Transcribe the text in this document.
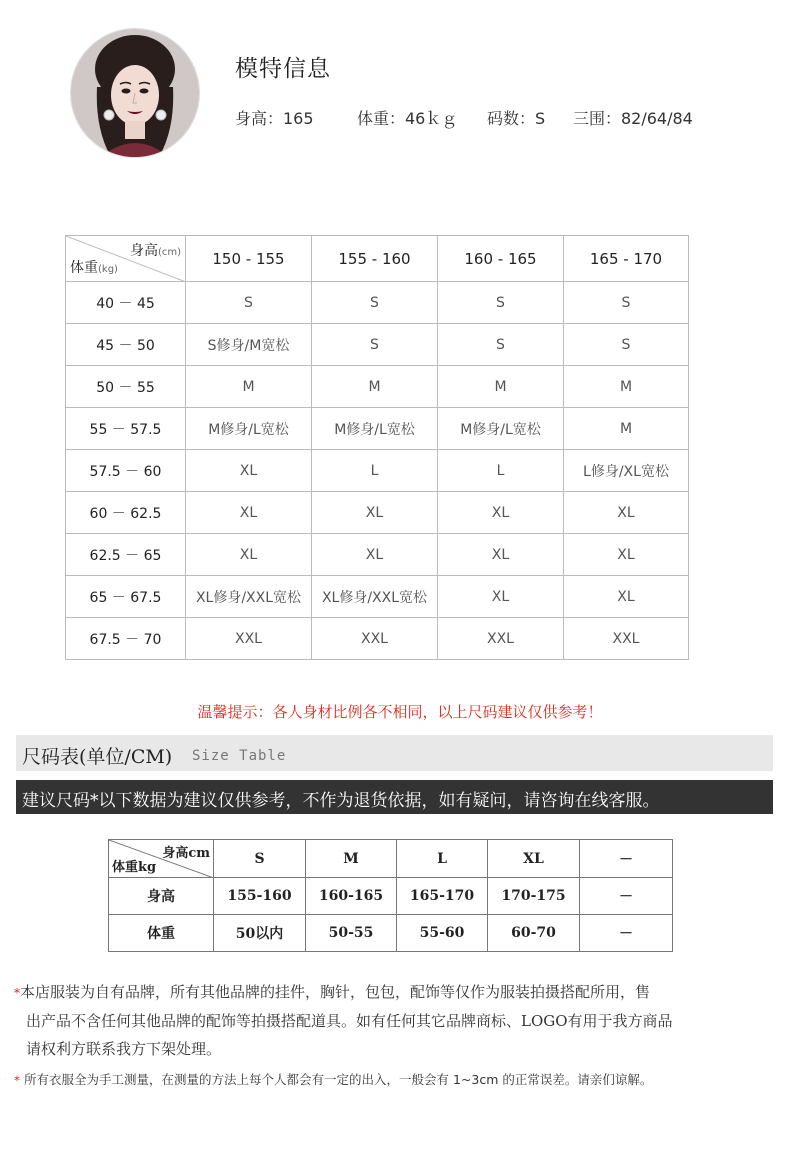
模特信息
身高：165	体重：46ｋｇ 码数：S 三围：82/64/84
身高(cm)
体重(kg)	150 - 155	155 - 160	160 - 165	165 - 170
40 － 45	S	S	S	S
45 － 50	S修身/M宽松	S	S	S
50 － 55	M	M	M	M
55 － 57.5	M修身/L宽松	M修身/L宽松	M修身/L宽松	M
57.5 － 60	XL	L	L	L修身/XL宽松
60 － 62.5	XL	XL	XL	XL
62.5 － 65	XL	XL	XL	XL
65 － 67.5	XL修身/XXL宽松	XL修身/XXL宽松	XL	XL
67.5 － 70	XXL	XXL	XXL	XXL
温馨提示：各人身材比例各不相同，以上尺码建议仅供参考！
尺码表(单位/CM) Size Table
建议尺码*以下数据为建议仅供参考，不作为退货依据，如有疑问，请咨询在线客服。
身高cm
体重kg	S	M	L	XL	－
身高	155-160	160-165	165-170	170-175	－
体重	50以内	50-55	55-60	60-70	－

*本店服装为自有品牌，所有其他品牌的挂件，胸针，包包，配饰等仅作为服装拍摄搭配所用，售

出产品不含任何其他品牌的配饰等拍摄搭配道具。如有任何其它品牌商标、LOGO有用于我方商品

请权利方联系我方下架处理。

* 所有衣服全为手工测量，在测量的方法上每个人都会有一定的出入，一般会有 1~3cm 的正常误差。请亲们谅解。
